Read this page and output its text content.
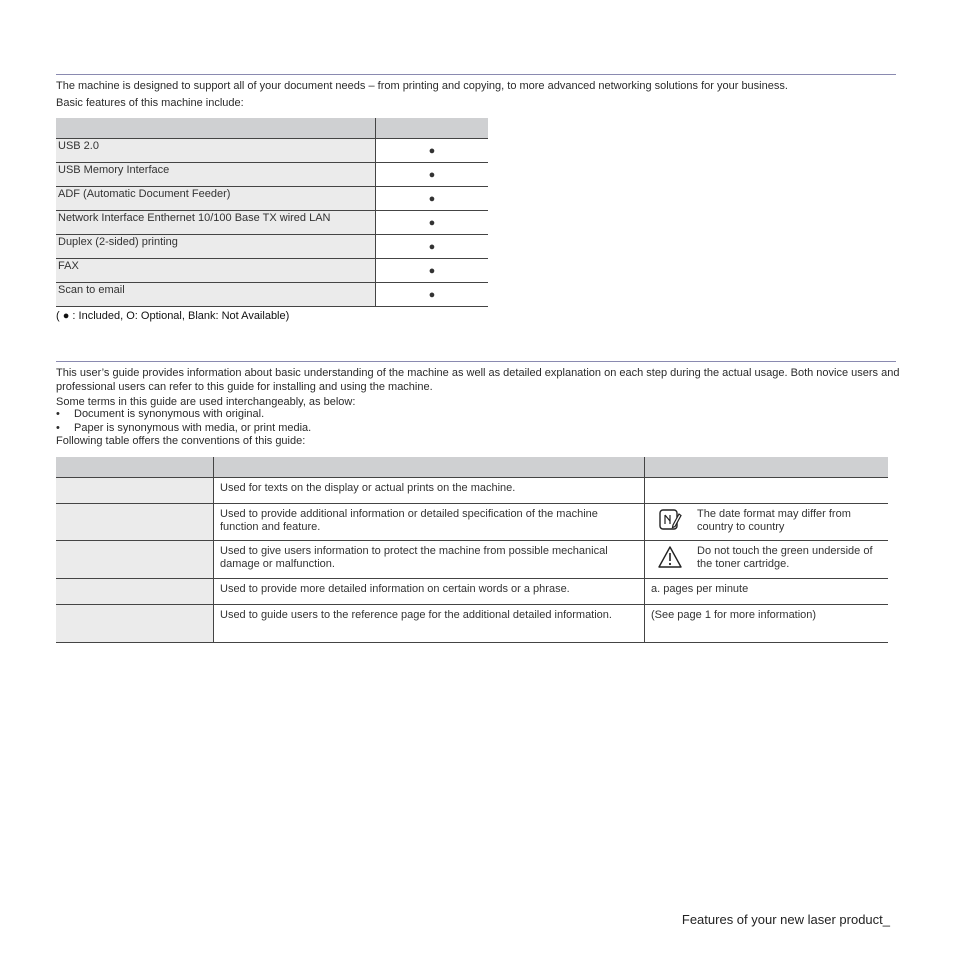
The machine is designed to support all of your document needs – from printing and copying, to more advanced networking solutions for your business.
Basic features of this machine include:

USB 2.0	●
USB Memory Interface	●
ADF (Automatic Document Feeder)	●
Network Interface Enthernet 10/100 Base TX wired LAN	●
Duplex (2-sided) printing	●
FAX	●
Scan to email	●
( ● : Included, O: Optional, Blank: Not Available)
This user’s guide provides information about basic understanding of the machine as well as detailed explanation on each step during the actual usage. Both novice users and professional users can refer to this guide for installing and using the machine.
Some terms in this guide are used interchangeably, as below:
• Document is synonymous with original.
• Paper is synonymous with media, or print media.
Following table offers the conventions of this guide:

	Used for texts on the display or actual prints on the machine.	
	Used to provide additional information or detailed specification of the machine function and feature.	The date format may differ from country to country

	Used to give users information to protect the machine from possible mechanical damage or malfunction.	Do not touch the green underside of the toner cartridge.

	Used to provide more detailed information on certain words or a phrase.	a. pages per minute
	Used to guide users to the reference page for the additional detailed information.	(See page 1 for more information)
Features of your new laser product_
